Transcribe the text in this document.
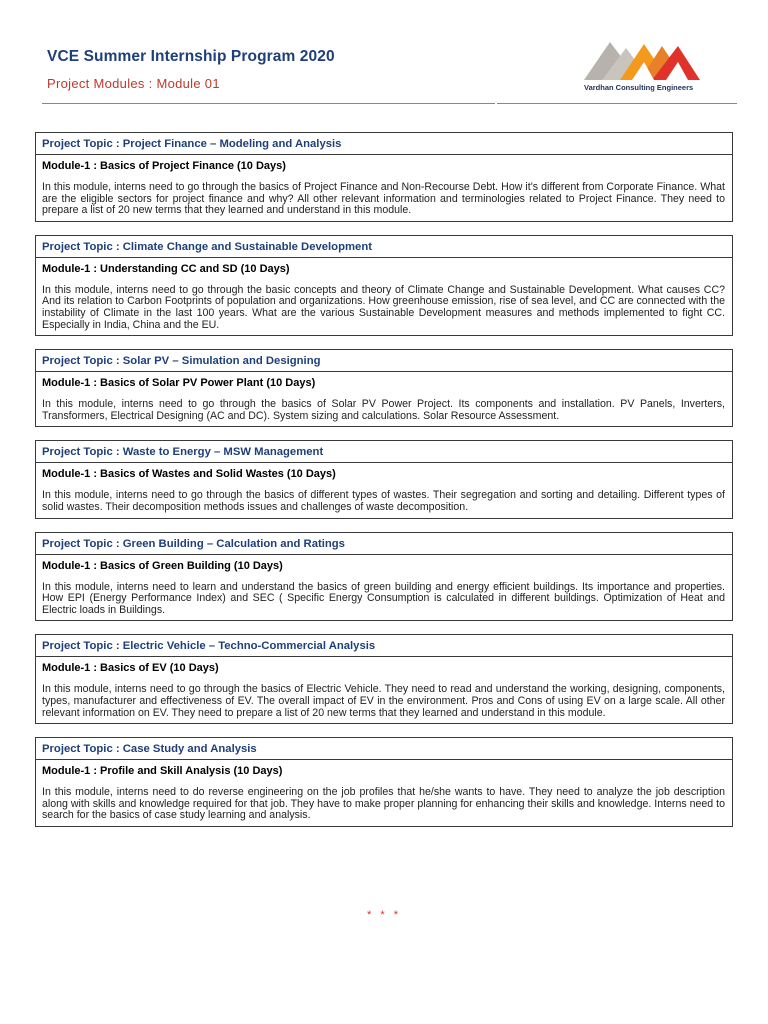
VCE Summer Internship Program 2020
Project Modules : Module 01	Vardhan Consulting Engineers
Project Topic : Project Finance – Modeling and Analysis
Module-1 : Basics of Project Finance (10 Days)
In this module, interns need to go through the basics of Project Finance and Non-Recourse Debt. How it's different from Corporate Finance. What are the eligible sectors for project finance and why? All other relevant information and terminologies related to Project Finance. They need to prepare a list of 20 new terms that they learned and understand in this module.
Project Topic : Climate Change and Sustainable Development
Module-1 : Understanding CC and SD (10 Days)
In this module, interns need to go through the basic concepts and theory of Climate Change and Sustainable Development. What causes CC? And its relation to Carbon Footprints of population and organizations. How greenhouse emission, rise of sea level, and CC are connected with the instability of Climate in the last 100 years. What are the various Sustainable Development measures and methods implemented to fight CC. Especially in India, China and the EU.
Project Topic : Solar PV – Simulation and Designing
Module-1 : Basics of Solar PV Power Plant (10 Days)
In this module, interns need to go through the basics of Solar PV Power Project. Its components and installation. PV Panels, Inverters, Transformers, Electrical Designing (AC and DC). System sizing and calculations. Solar Resource Assessment.
Project Topic : Waste to Energy – MSW Management
Module-1 : Basics of Wastes and Solid Wastes (10 Days)
In this module, interns need to go through the basics of different types of wastes. Their segregation and sorting and detailing. Different types of solid wastes. Their decomposition methods issues and challenges of waste decomposition.
Project Topic : Green Building – Calculation and Ratings
Module-1 : Basics of Green Building (10 Days)
In this module, interns need to learn and understand the basics of green building and energy efficient buildings. Its importance and properties. How EPI (Energy Performance Index) and SEC ( Specific Energy Consumption is calculated in different buildings. Optimization of Heat and Electric loads in Buildings.
Project Topic : Electric Vehicle – Techno-Commercial Analysis
Module-1 : Basics of EV (10 Days)
In this module, interns need to go through the basics of Electric Vehicle. They need to read and understand the working, designing, components, types, manufacturer and effectiveness of EV. The overall impact of EV in the environment. Pros and Cons of using EV on a large scale. All other relevant information on EV. They need to prepare a list of 20 new terms that they learned and understand in this module.
Project Topic : Case Study and Analysis
Module-1 : Profile and Skill Analysis (10 Days)
In this module, interns need to do reverse engineering on the job profiles that he/she wants to have. They need to analyze the job description along with skills and knowledge required for that job. They have to make proper planning for enhancing their skills and knowledge. Interns need to search for the basics of case study learning and analysis.
* * *
